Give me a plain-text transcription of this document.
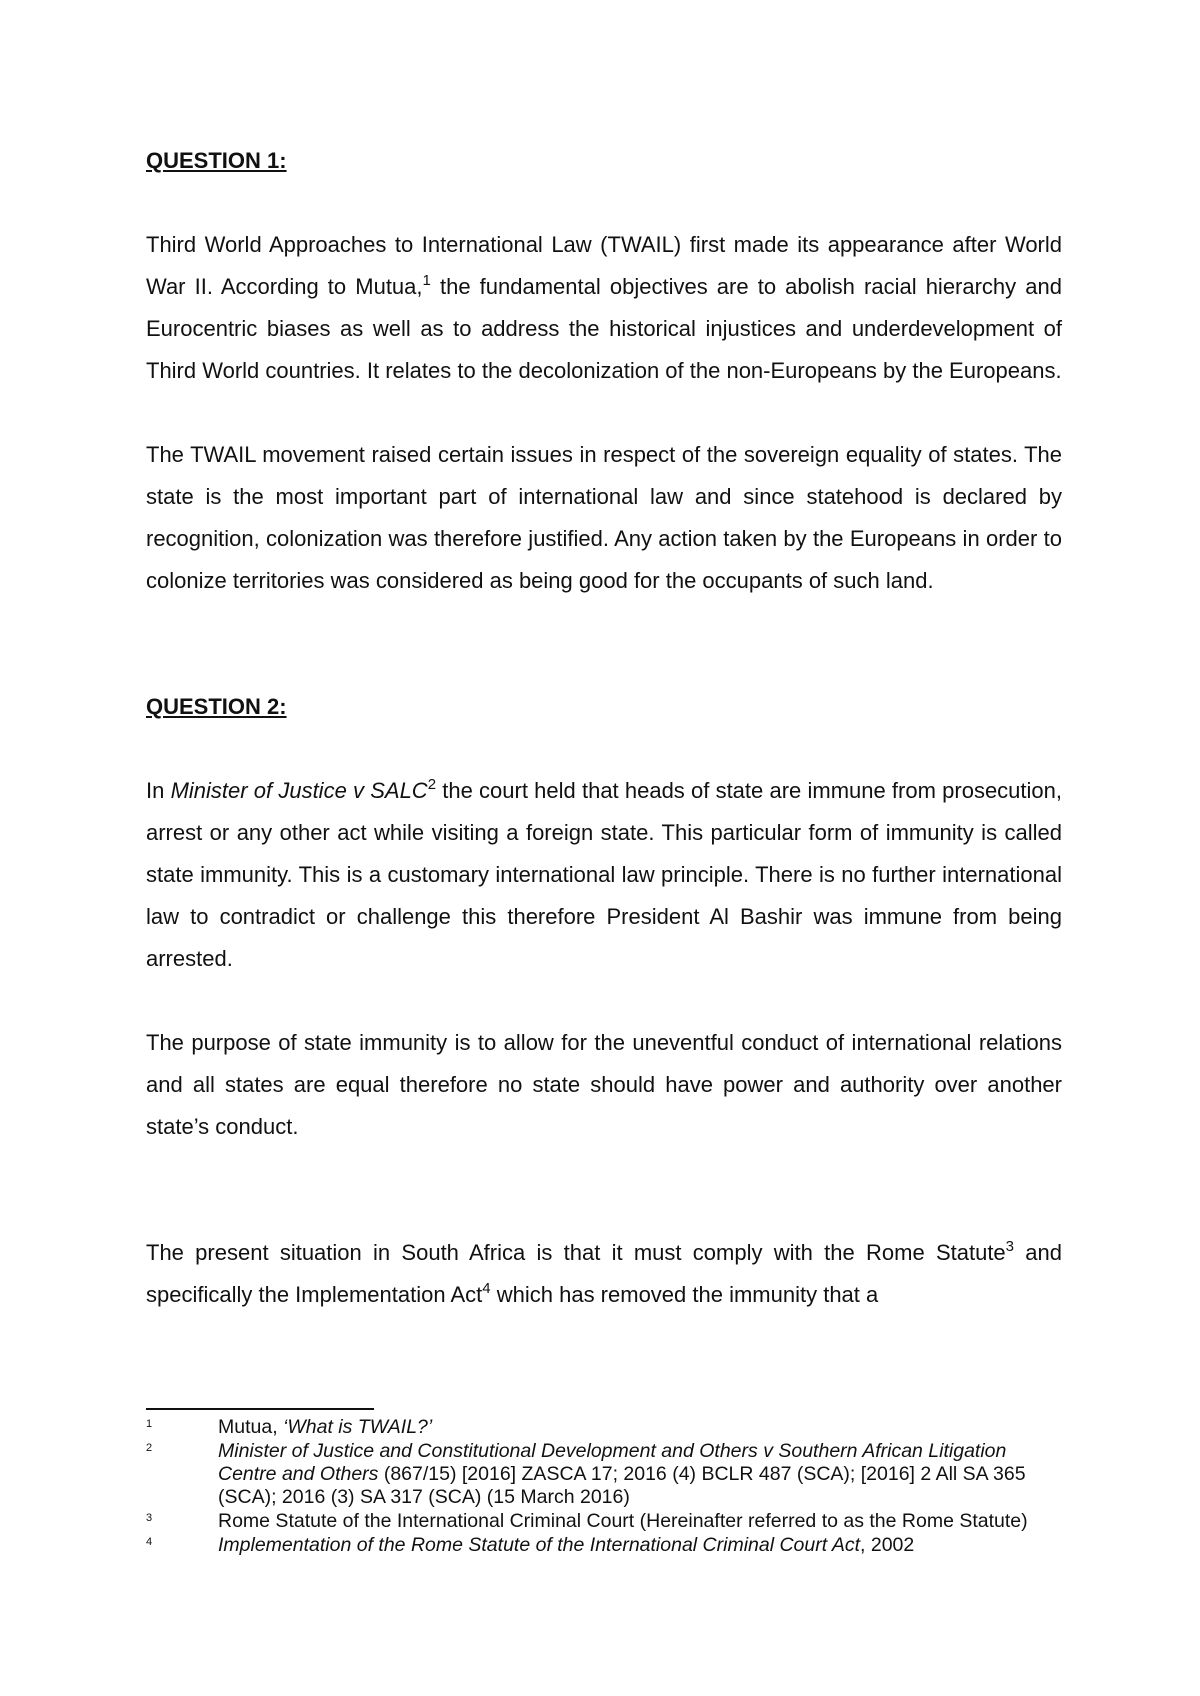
QUESTION 1:

Third World Approaches to International Law (TWAIL) first made its appearance after World War II. According to Mutua,$^1$ the fundamental objectives are to abolish racial hierarchy and Eurocentric biases as well as to address the historical injustices and underdevelopment of Third World countries. It relates to the decolonization of the non-Europeans by the Europeans.

The TWAIL movement raised certain issues in respect of the sovereign equality of states. The state is the most important part of international law and since statehood is declared by recognition, colonization was therefore justified. Any action taken by the Europeans in order to colonize territories was considered as being good for the occupants of such land.

QUESTION 2:

In Minister of Justice v SALC$^2$ the court held that heads of state are immune from prosecution, arrest or any other act while visiting a foreign state. This particular form of immunity is called state immunity. This is a customary international law principle. There is no further international law to contradict or challenge this therefore President Al Bashir was immune from being arrested.

The purpose of state immunity is to allow for the uneventful conduct of international relations and all states are equal therefore no state should have power and authority over another state’s conduct.

The present situation in South Africa is that it must comply with the Rome Statute$^3$ and specifically the Implementation Act$^4$ which has removed the immunity that a

1	Mutua, ‘What is TWAIL?’
2	Minister of Justice and Constitutional Development and Others v Southern African Litigation Centre and Others (867/15) [2016] ZASCA 17; 2016 (4) BCLR 487 (SCA); [2016] 2 All SA 365 (SCA); 2016 (3) SA 317 (SCA) (15 March 2016)
3	Rome Statute of the International Criminal Court (Hereinafter referred to as the Rome Statute)
4	Implementation of the Rome Statute of the International Criminal Court Act, 2002
